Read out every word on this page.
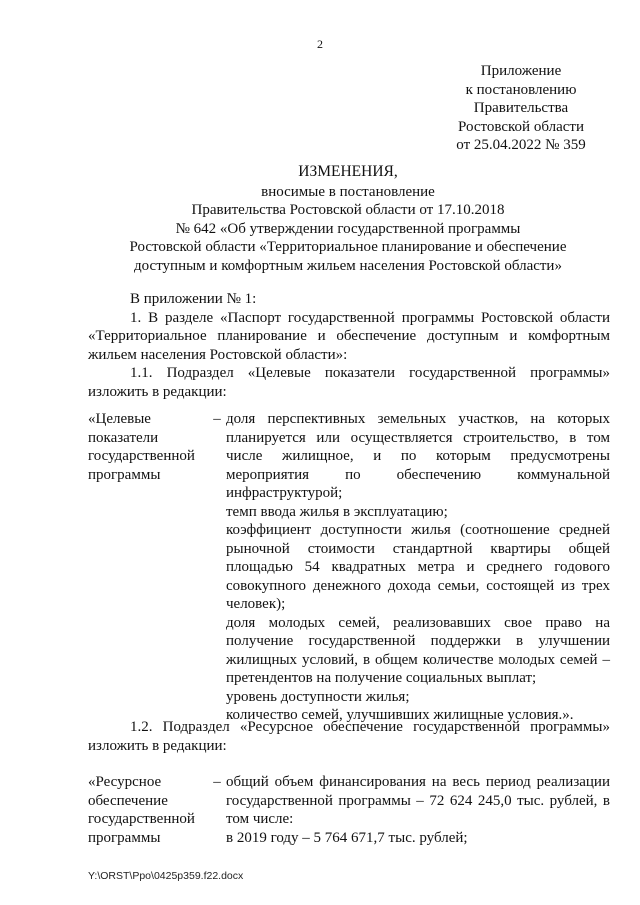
2
Приложение
к постановлению
Правительства
Ростовской области
от 25.04.2022 № 359
ИЗМЕНЕНИЯ,
вносимые в постановление
Правительства Ростовской области от 17.10.2018
№ 642 «Об утверждении государственной программы
Ростовской области «Территориальное планирование и обеспечение
доступным и комфортным жильем населения Ростовской области»

В приложении № 1:

1. В разделе «Паспорт государственной программы Ростовской области «Территориальное планирование и обеспечение доступным и комфортным жильем населения Ростовской области»:

1.1. Подраздел «Целевые показатели государственной программы» изложить в редакции:

«Целевые
показатели
государственной
программы
– доля перспективных земельных участков, на которых планируется или осуществляется строительство, в том числе жилищное, и по которым предусмотрены мероприятия по обеспечению коммунальной инфраструктурой;
темп ввода жилья в эксплуатацию;
коэффициент доступности жилья (соотношение средней рыночной стоимости стандартной квартиры общей площадью 54 квадратных метра и среднего годового совокупного денежного дохода семьи, состоящей из трех человек);
доля молодых семей, реализовавших свое право на получение государственной поддержки в улучшении жилищных условий, в общем количестве молодых семей – претендентов на получение социальных выплат;
уровень доступности жилья;
количество семей, улучшивших жилищные условия.».

1.2. Подраздел «Ресурсное обеспечение государственной программы» изложить в редакции:

«Ресурсное
обеспечение
государственной
программы
– общий объем финансирования на весь период реализации государственной программы – 72 624 245,0 тыс. рублей, в том числе:
в 2019 году – 5 764 671,7 тыс. рублей;
Y:\ORST\Ppo\0425p359.f22.docx
